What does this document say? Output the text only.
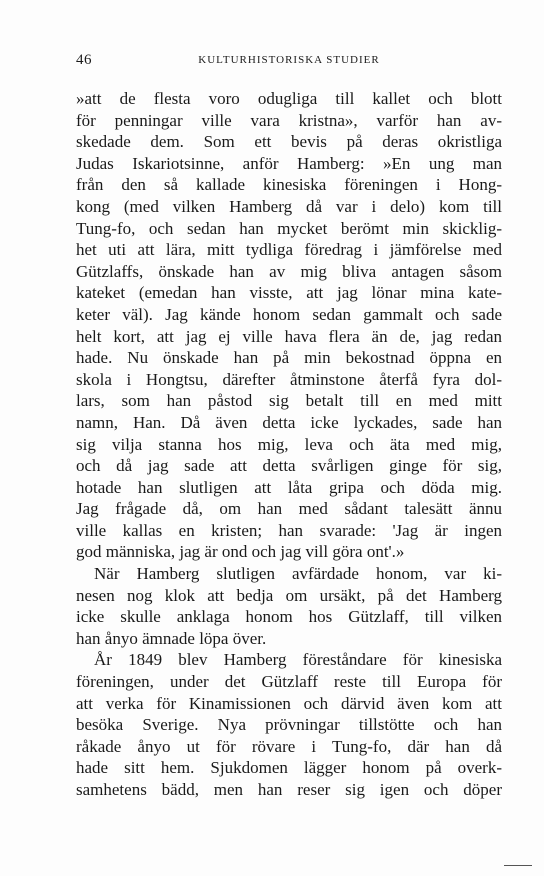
46	KULTURHISTORISKA STUDIER

»att de flesta voro odugliga till kallet och blott

för penningar ville vara kristna», varför han av-

skedade dem. Som ett bevis på deras okristliga

Judas Iskariotsinne, anför Hamberg: »En ung man

från den så kallade kinesiska föreningen i Hong-

kong (med vilken Hamberg då var i delo) kom till

Tung-fo, och sedan han mycket berömt min skicklig-

het uti att lära, mitt tydliga föredrag i jämförelse med

Gützlaffs, önskade han av mig bliva antagen såsom

kateket (emedan han visste, att jag lönar mina kate-

keter väl). Jag kände honom sedan gammalt och sade

helt kort, att jag ej ville hava flera än de, jag redan

hade. Nu önskade han på min bekostnad öppna en

skola i Hongtsu, därefter åtminstone återfå fyra dol-

lars, som han påstod sig betalt till en med mitt

namn, Han. Då även detta icke lyckades, sade han

sig vilja stanna hos mig, leva och äta med mig,

och då jag sade att detta svårligen ginge för sig,

hotade han slutligen att låta gripa och döda mig.

Jag frågade då, om han med sådant talesätt ännu

ville kallas en kristen; han svarade: 'Jag är ingen

god människa, jag är ond och jag vill göra ont'.»

När Hamberg slutligen avfärdade honom, var ki-

nesen nog klok att bedja om ursäkt, på det Hamberg

icke skulle anklaga honom hos Gützlaff, till vilken

han ånyo ämnade löpa över.

År 1849 blev Hamberg föreståndare för kinesiska

föreningen, under det Gützlaff reste till Europa för

att verka för Kinamissionen och därvid även kom att

besöka Sverige. Nya prövningar tillstötte och han

råkade ånyo ut för rövare i Tung-fo, där han då

hade sitt hem. Sjukdomen lägger honom på overk-

samhetens bädd, men han reser sig igen och döper
